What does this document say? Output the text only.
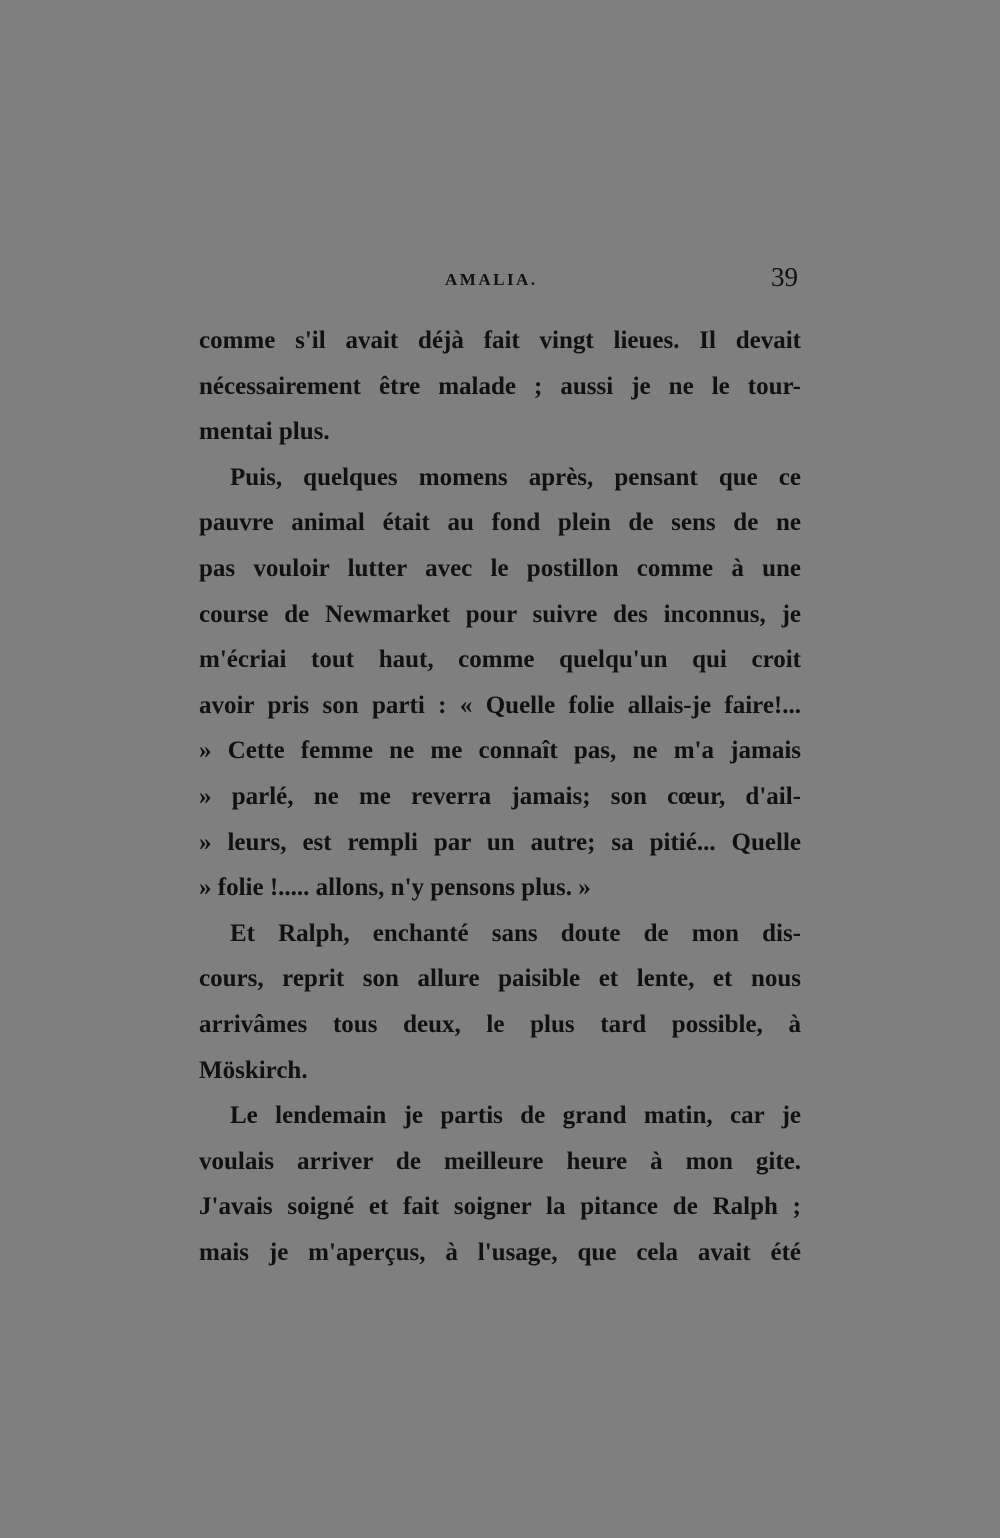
AMALIA.	39
comme s'il avait déjà fait vingt lieues. Il devait
nécessairement être malade ; aussi je ne le tour-
mentai plus.
Puis, quelques momens après, pensant que ce
pauvre animal était au fond plein de sens de ne
pas vouloir lutter avec le postillon comme à une
course de Newmarket pour suivre des inconnus, je
m'écriai tout haut, comme quelqu'un qui croit
avoir pris son parti : « Quelle folie allais-je faire!...
» Cette femme ne me connaît pas, ne m'a jamais
» parlé, ne me reverra jamais; son cœur, d'ail-
» leurs, est rempli par un autre; sa pitié... Quelle
» folie !..... allons, n'y pensons plus. »
Et Ralph, enchanté sans doute de mon dis-
cours, reprit son allure paisible et lente, et nous
arrivâmes tous deux, le plus tard possible, à
Möskirch.
Le lendemain je partis de grand matin, car je
voulais arriver de meilleure heure à mon gite.
J'avais soigné et fait soigner la pitance de Ralph ;
mais je m'aperçus, à l'usage, que cela avait été
